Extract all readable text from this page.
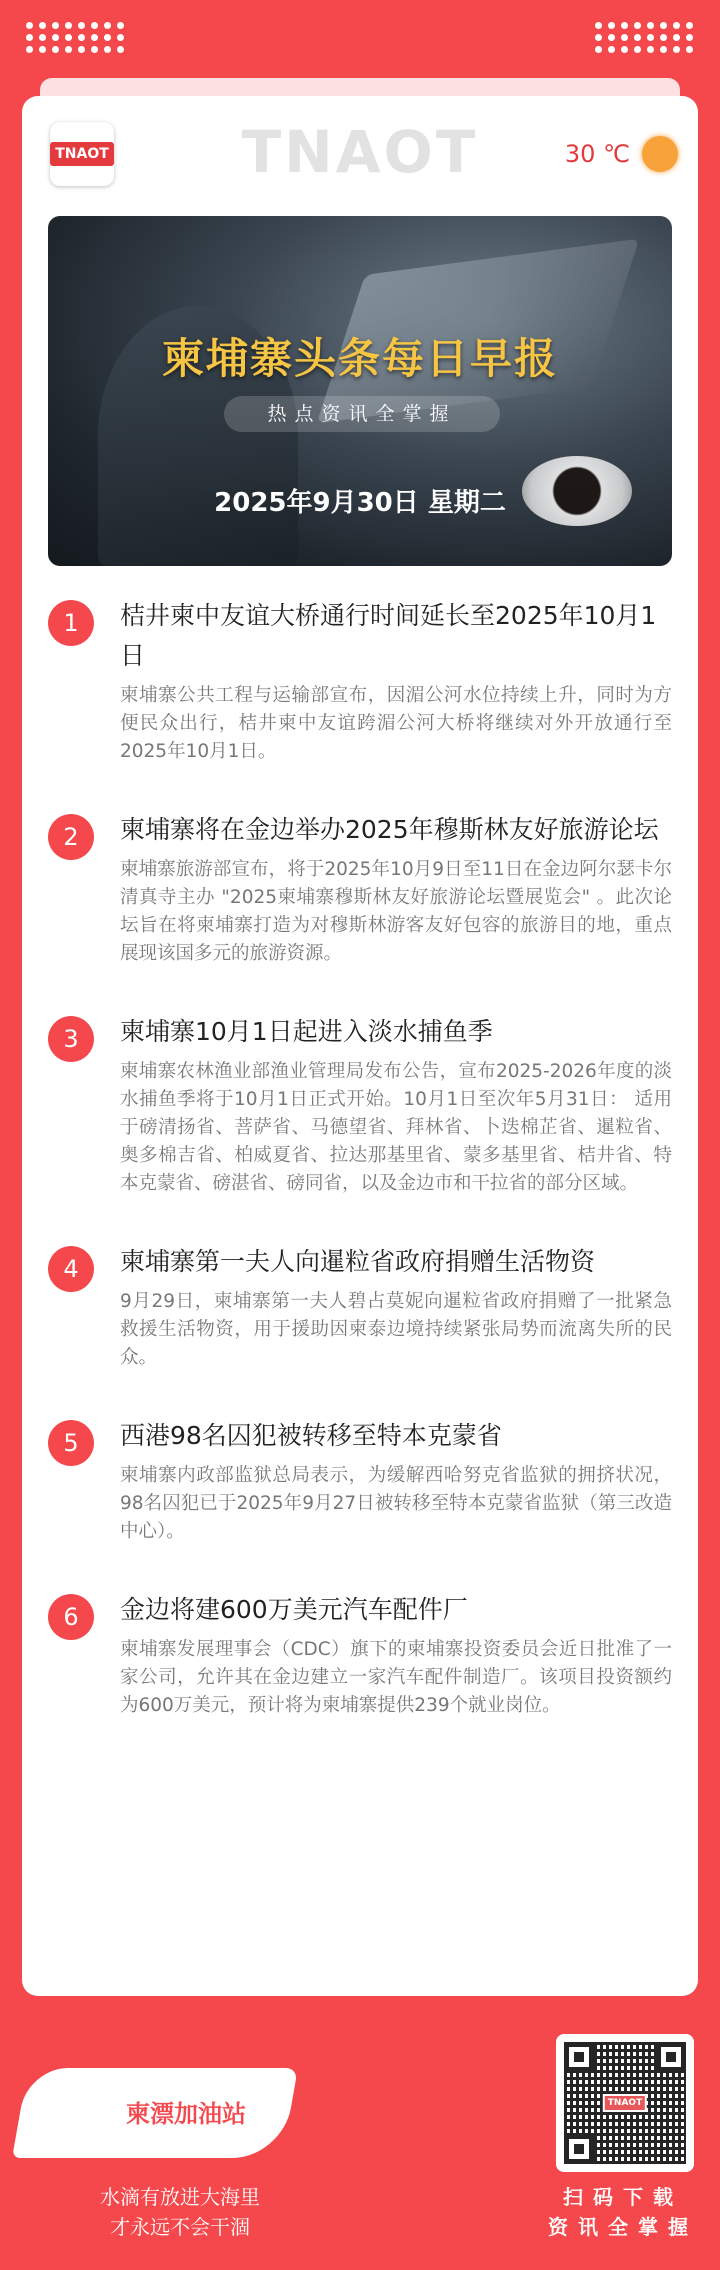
TNAOT	TNAOT	30 ℃
柬埔寨头条每日早报
热点资讯全掌握
2025年9月30日 星期二
1	桔井柬中友谊大桥通行时间延长至2025年10月1日

柬埔寨公共工程与运输部宣布，因湄公河水位持续上升，同时为方便民众出行，桔井柬中友谊跨湄公河大桥将继续对外开放通行至2025年10月1日。

2	柬埔寨将在金边举办2025年穆斯林友好旅游论坛

柬埔寨旅游部宣布，将于2025年10月9日至11日在金边阿尔瑟卡尔清真寺主办 "2025柬埔寨穆斯林友好旅游论坛暨展览会" 。此次论坛旨在将柬埔寨打造为对穆斯林游客友好包容的旅游目的地，重点展现该国多元的旅游资源。

3	柬埔寨10月1日起进入淡水捕鱼季

柬埔寨农林渔业部渔业管理局发布公告，宣布2025-2026年度的淡水捕鱼季将于10月1日正式开始。10月1日至次年5月31日： 适用于磅清扬省、菩萨省、马德望省、拜林省、卜迭棉芷省、暹粒省、奥多棉吉省、柏威夏省、拉达那基里省、蒙多基里省、桔井省、特本克蒙省、磅湛省、磅同省，以及金边市和干拉省的部分区域。

4	柬埔寨第一夫人向暹粒省政府捐赠生活物资

9月29日，柬埔寨第一夫人碧占莫妮向暹粒省政府捐赠了一批紧急救援生活物资，用于援助因柬泰边境持续紧张局势而流离失所的民众。

5	西港98名囚犯被转移至特本克蒙省

柬埔寨内政部监狱总局表示，为缓解西哈努克省监狱的拥挤状况，98名囚犯已于2025年9月27日被转移至特本克蒙省监狱（第三改造中心）。

6	金边将建600万美元汽车配件厂

柬埔寨发展理事会（CDC）旗下的柬埔寨投资委员会近日批准了一家公司，允许其在金边建立一家汽车配件制造厂。该项目投资额约为600万美元，预计将为柬埔寨提供239个就业岗位。

柬漂加油站
水滴有放进大海里
才永远不会干涸
TNAOT
扫码下载
资讯全掌握
